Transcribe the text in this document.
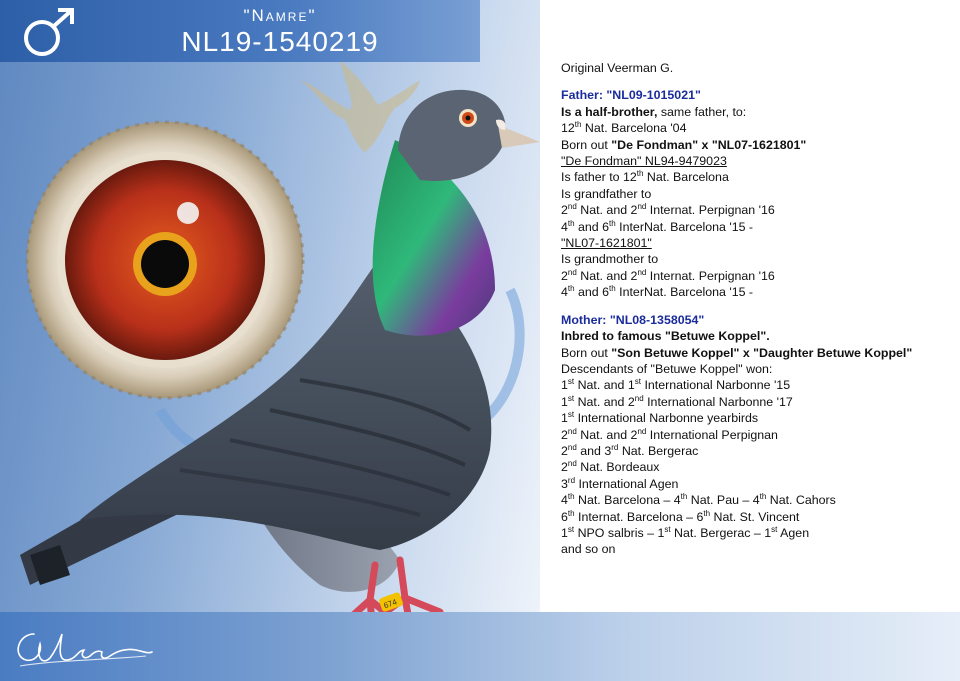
674
"Namre"
NL19-1540219
Original Veerman G.
Father: "NL09-1015021"
Is a half-brother, same father, to:
12th Nat. Barcelona '04
Born out "De Fondman" x "NL07-1621801"
"De Fondman" NL94-9479023
Is father to 12th Nat. Barcelona
Is grandfather to
2nd Nat. and 2nd Internat. Perpignan '16
4th and 6th InterNat. Barcelona '15 -
"NL07-1621801"
Is grandmother to
2nd Nat. and 2nd Internat. Perpignan '16
4th and 6th InterNat. Barcelona '15 -
Mother: "NL08-1358054"
Inbred to famous "Betuwe Koppel".
Born out "Son Betuwe Koppel" x "Daughter Betuwe Koppel"
Descendants of "Betuwe Koppel" won:
1st Nat. and 1st International Narbonne '15
1st Nat. and 2nd International Narbonne '17
1st International Narbonne yearbirds
2nd Nat. and 2nd International Perpignan
2nd and 3rd Nat. Bergerac
2nd Nat. Bordeaux
3rd International Agen
4th Nat. Barcelona – 4th Nat. Pau – 4th Nat. Cahors
6th Internat. Barcelona – 6th Nat. St. Vincent
1st NPO salbris – 1st Nat. Bergerac – 1st Agen
and so on
